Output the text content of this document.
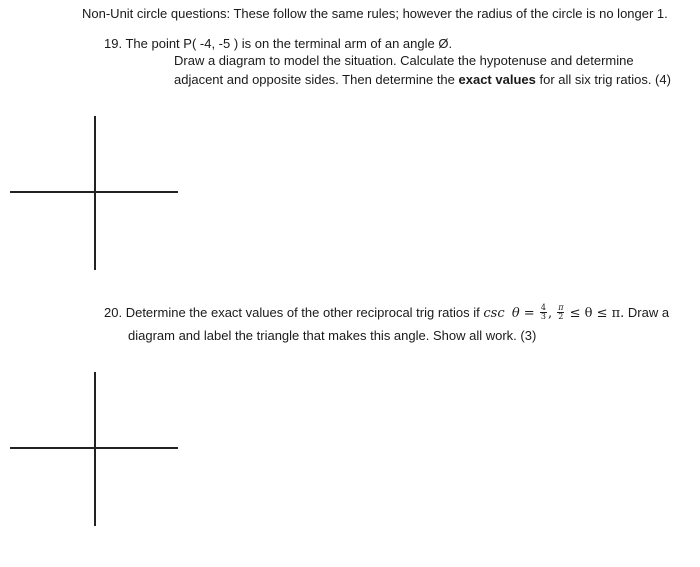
Non-Unit circle questions: These follow the same rules; however the radius of the circle is no longer 1.
19. The point P( -4, -5 ) is on the terminal arm of an angle Ø.
Draw a diagram to model the situation. Calculate the hypotenuse and determine
adjacent and opposite sides. Then determine the exact values for all six trig ratios. (4)
20. Determine the exact values of the other reciprocal trig ratios if $\csc \theta = \frac{4}{3}$ , $\frac{\pi}{2} \le \theta \le \pi$. Draw a
diagram and label the triangle that makes this angle. Show all work. (3)
